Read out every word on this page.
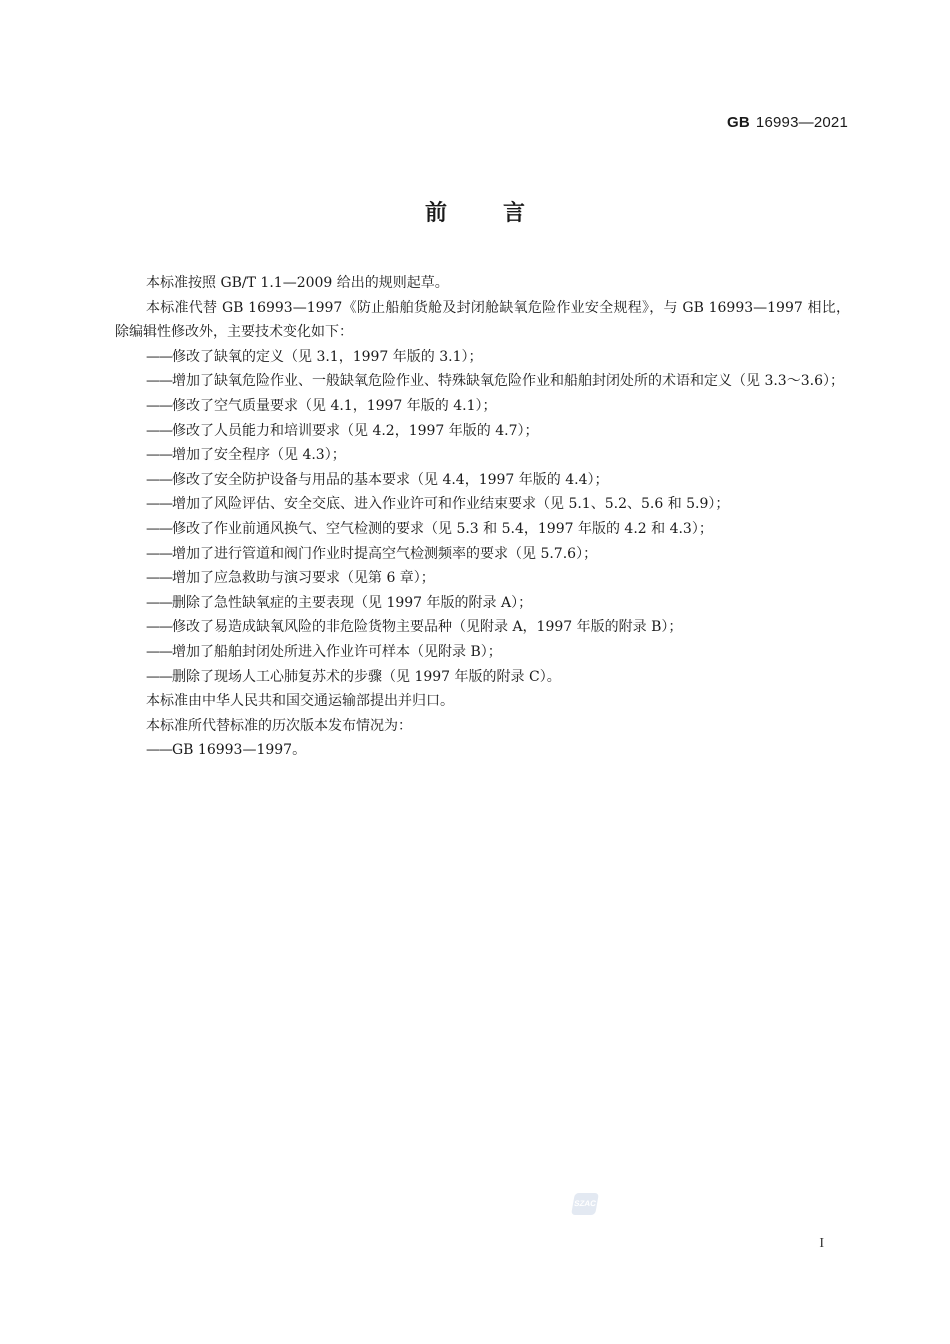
GB 16993—2021
前言

本标准按照 GB/T 1.1—2009 给出的规则起草。

本标准代替 GB 16993—1997《防止船舶货舱及封闭舱缺氧危险作业安全规程》，与 GB 16993—1997 相比，除编辑性修改外，主要技术变化如下：

——修改了缺氧的定义（见 3.1，1997 年版的 3.1）；

——增加了缺氧危险作业、一般缺氧危险作业、特殊缺氧危险作业和船舶封闭处所的术语和定义（见 3.3～3.6）；

——修改了空气质量要求（见 4.1，1997 年版的 4.1）；

——修改了人员能力和培训要求（见 4.2，1997 年版的 4.7）；

——增加了安全程序（见 4.3）；

——修改了安全防护设备与用品的基本要求（见 4.4，1997 年版的 4.4）；

——增加了风险评估、安全交底、进入作业许可和作业结束要求（见 5.1、5.2、5.6 和 5.9）；

——修改了作业前通风换气、空气检测的要求（见 5.3 和 5.4，1997 年版的 4.2 和 4.3）；

——增加了进行管道和阀门作业时提高空气检测频率的要求（见 5.7.6）；

——增加了应急救助与演习要求（见第 6 章）；

——删除了急性缺氧症的主要表现（见 1997 年版的附录 A）；

——修改了易造成缺氧风险的非危险货物主要品种（见附录 A，1997 年版的附录 B）；

——增加了船舶封闭处所进入作业许可样本（见附录 B）；

——删除了现场人工心肺复苏术的步骤（见 1997 年版的附录 C）。

本标准由中华人民共和国交通运输部提出并归口。

本标准所代替标准的历次版本发布情况为：

——GB 16993—1997。

SZAC
I
